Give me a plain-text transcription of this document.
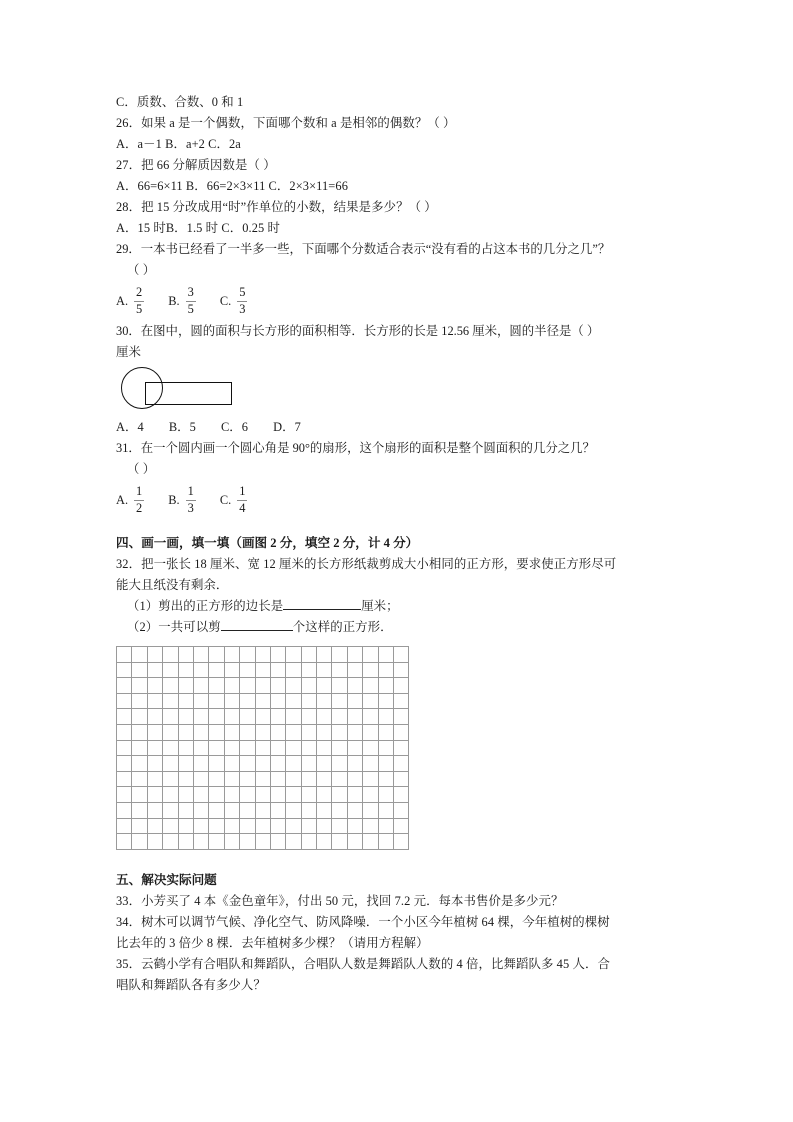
C．质数、合数、0 和 1

26．如果 a 是一个偶数，下面哪个数和 a 是相邻的偶数？（ ）

A．a－1 B．a+2 C．2a

27．把 66 分解质因数是（ ）

A．66=6×11 B．66=2×3×11 C．2×3×11=66

28．把 15 分改成用“时”作单位的小数，结果是多少？（ ）

A．15 时B．1.5 时 C．0.25 时

29．一本书已经看了一半多一些，下面哪个分数适合表示“没有看的占这本书的几分之几”？

（ ）

A. $\frac{2}{5} B$. $\frac{3}{5} C$. $\frac{5}{3}$

30．在图中，圆的面积与长方形的面积相等．长方形的长是 12.56 厘米，圆的半径是（ ）

厘米

A．4　　B．5　　C．6　　D．7

31．在一个圆内画一个圆心角是 90°的扇形，这个扇形的面积是整个圆面积的几分之几？

（ ）

A. $\frac{1}{2} B$. $\frac{1}{3} C$. $\frac{1}{4}$

四、画一画，填一填（画图 2 分，填空 2 分，计 4 分）

32．把一张长 18 厘米、宽 12 厘米的长方形纸裁剪成大小相同的正方形，要求使正方形尽可

能大且纸没有剩余．

（1）剪出的正方形的边长是	厘米；

（2）一共可以剪	个这样的正方形．

五、解决实际问题

33．小芳买了 4 本《金色童年》，付出 50 元，找回 7.2 元．每本书售价是多少元？

34．树木可以调节气候、净化空气、防风降噪．一个小区今年植树 64 棵，今年植树的棵树

比去年的 3 倍少 8 棵．去年植树多少棵？（请用方程解）

35．云鹤小学有合唱队和舞蹈队，合唱队人数是舞蹈队人数的 4 倍，比舞蹈队多 45 人．合

唱队和舞蹈队各有多少人？
